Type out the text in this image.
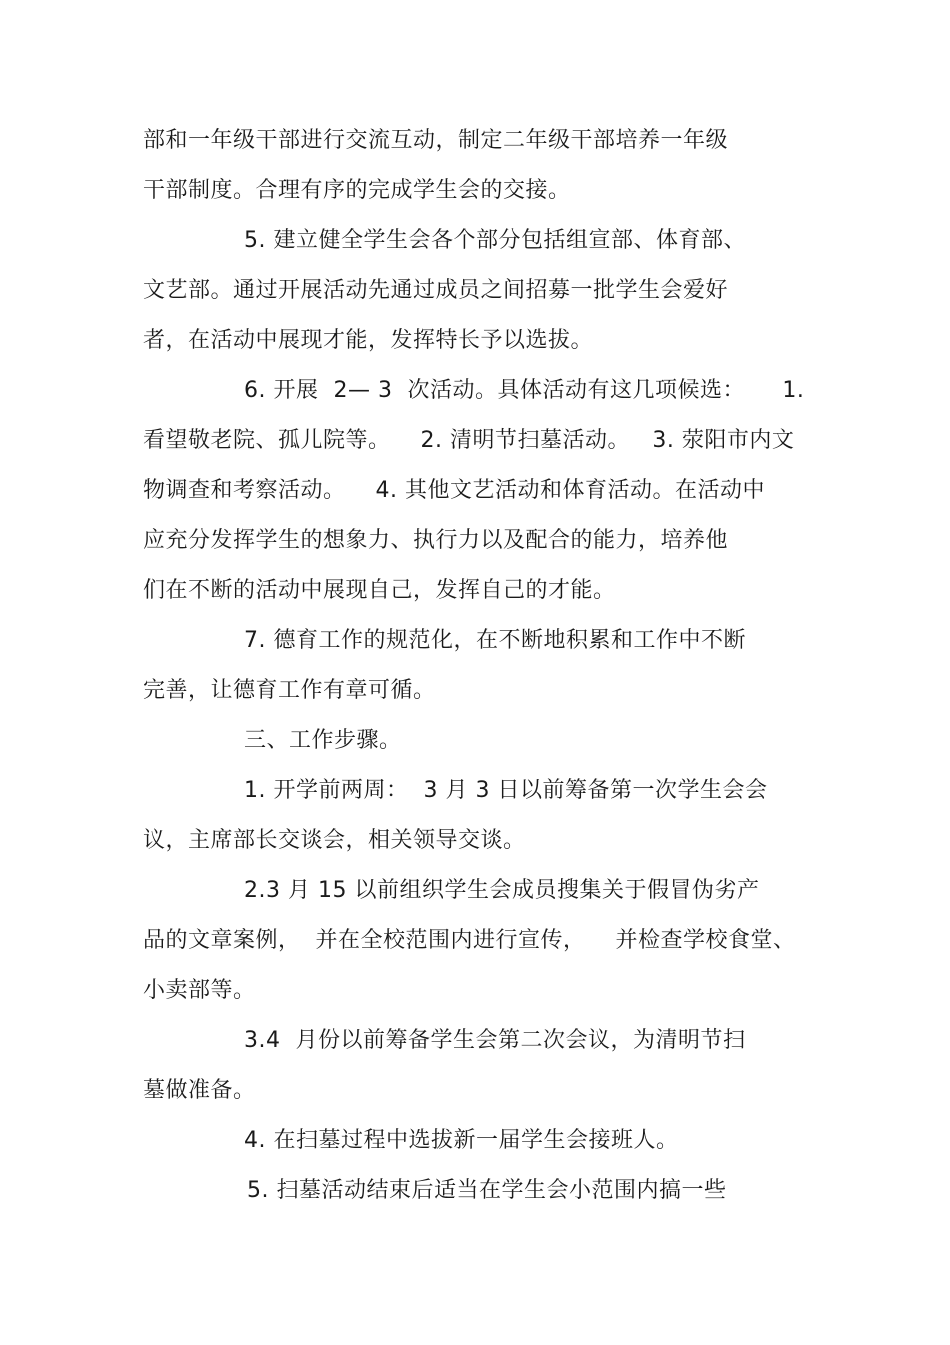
部和一年级干部进行交流互动，制定二年级干部培养一年级
干部制度。合理有序的完成学生会的交接。
5. 建立健全学生会各个部分包括组宣部、体育部、
文艺部。通过开展活动先通过成员之间招募一批学生会爱好
者，在活动中展现才能，发挥特长予以选拔。
6. 开展  2— 3  次活动。具体活动有这几项候选：     1.
看望敬老院、孤儿院等。    2. 清明节扫墓活动。   3. 荥阳市内文
物调查和考察活动。    4. 其他文艺活动和体育活动。在活动中
应充分发挥学生的想象力、执行力以及配合的能力，培养他
们在不断的活动中展现自己，发挥自己的才能。
7. 德育工作的规范化，在不断地积累和工作中不断
完善，让德育工作有章可循。
三、工作步骤。
1. 开学前两周：  3 月 3 日以前筹备第一次学生会会
议，主席部长交谈会，相关领导交谈。
2.3 月 15 以前组织学生会成员搜集关于假冒伪劣产
品的文章案例，  并在全校范围内进行宣传，    并检查学校食堂、
小卖部等。
3.4  月份以前筹备学生会第二次会议，为清明节扫
墓做准备。
4. 在扫墓过程中选拔新一届学生会接班人。
5. 扫墓活动结束后适当在学生会小范围内搞一些
